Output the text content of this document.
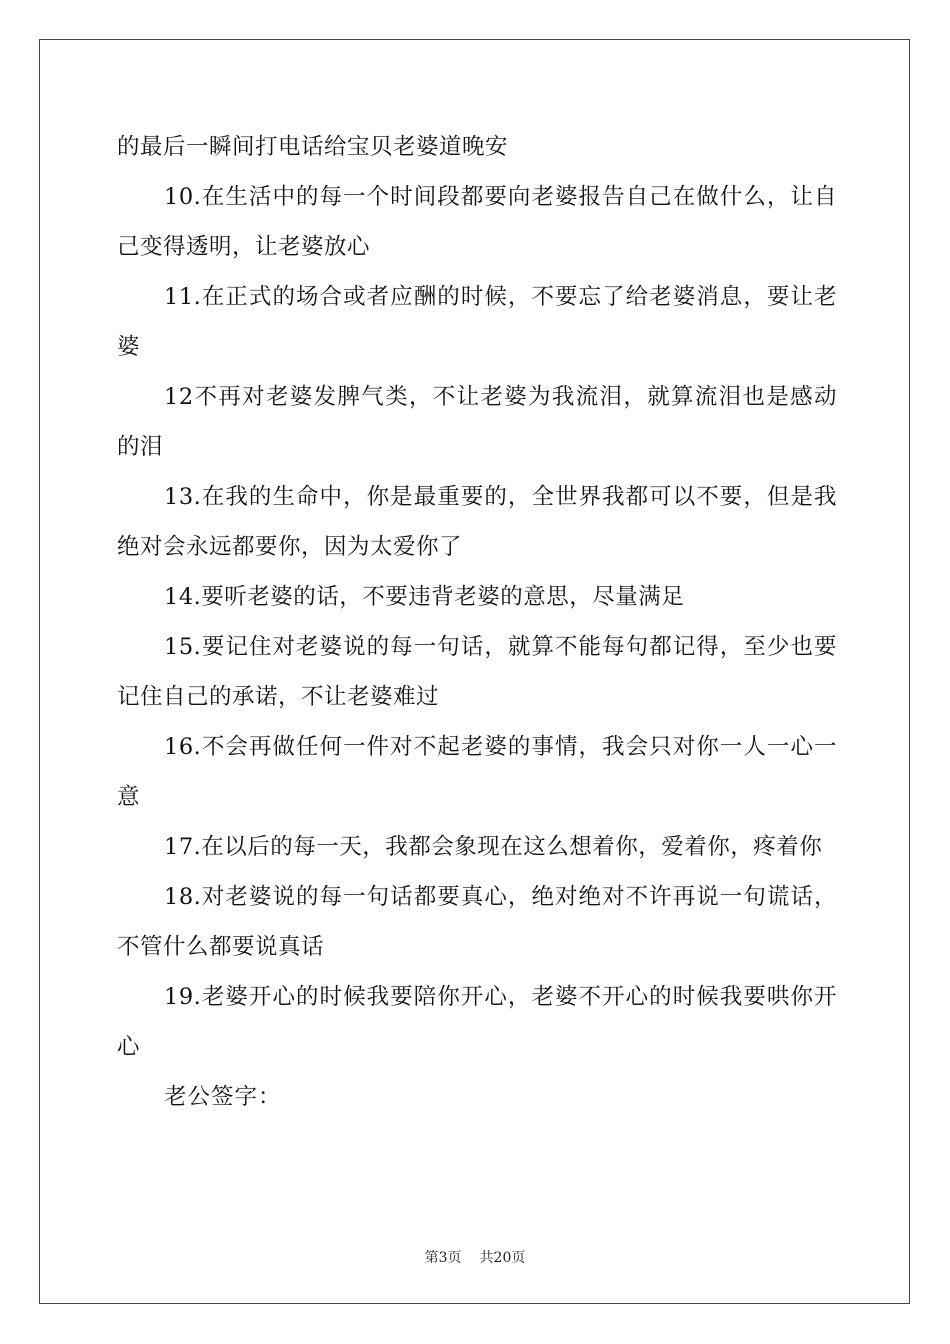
的最后一瞬间打电话给宝贝老婆道晚安

10.在生活中的每一个时间段都要向老婆报告自己在做什么，让自己变得透明，让老婆放心

11.在正式的场合或者应酬的时候，不要忘了给老婆消息，要让老婆

12不再对老婆发脾气类，不让老婆为我流泪，就算流泪也是感动的泪

13.在我的生命中，你是最重要的，全世界我都可以不要，但是我绝对会永远都要你，因为太爱你了

14.要听老婆的话，不要违背老婆的意思，尽量满足

15.要记住对老婆说的每一句话，就算不能每句都记得，至少也要记住自己的承诺，不让老婆难过

16.不会再做任何一件对不起老婆的事情，我会只对你一人一心一意

17.在以后的每一天，我都会象现在这么想着你，爱着你，疼着你

18.对老婆说的每一句话都要真心，绝对绝对不许再说一句谎话，不管什么都要说真话

19.老婆开心的时候我要陪你开心，老婆不开心的时候我要哄你开心

老公签字：

第3页 共20页
